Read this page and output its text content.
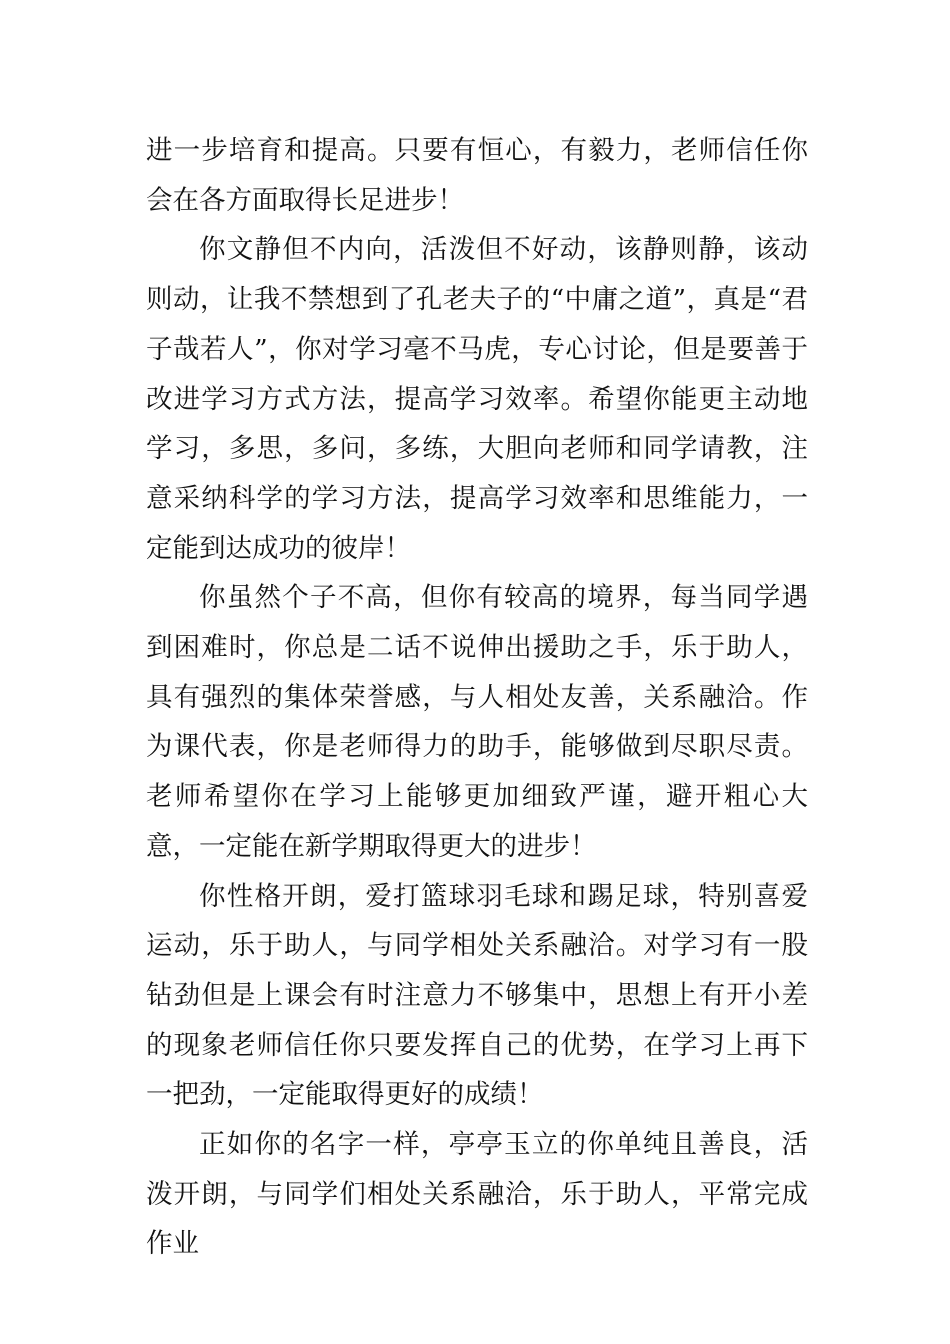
进一步培育和提高。只要有恒心，有毅力，老师信任你会在各方面取得长足进步！

你文静但不内向，活泼但不好动，该静则静，该动则动，让我不禁想到了孔老夫子的“中庸之道”，真是“君子哉若人”，你对学习毫不马虎，专心讨论，但是要善于改进学习方式方法，提高学习效率。希望你能更主动地学习，多思，多问，多练，大胆向老师和同学请教，注意采纳科学的学习方法，提高学习效率和思维能力，一定能到达成功的彼岸！

你虽然个子不高，但你有较高的境界，每当同学遇到困难时，你总是二话不说伸出援助之手，乐于助人，具有强烈的集体荣誉感，与人相处友善，关系融洽。作为课代表，你是老师得力的助手，能够做到尽职尽责。老师希望你在学习上能够更加细致严谨，避开粗心大意，一定能在新学期取得更大的进步！

你性格开朗，爱打篮球羽毛球和踢足球，特别喜爱运动，乐于助人，与同学相处关系融洽。对学习有一股钻劲但是上课会有时注意力不够集中，思想上有开小差的现象老师信任你只要发挥自己的优势，在学习上再下一把劲，一定能取得更好的成绩！

正如你的名字一样，亭亭玉立的你单纯且善良，活泼开朗，与同学们相处关系融洽，乐于助人，平常完成作业
